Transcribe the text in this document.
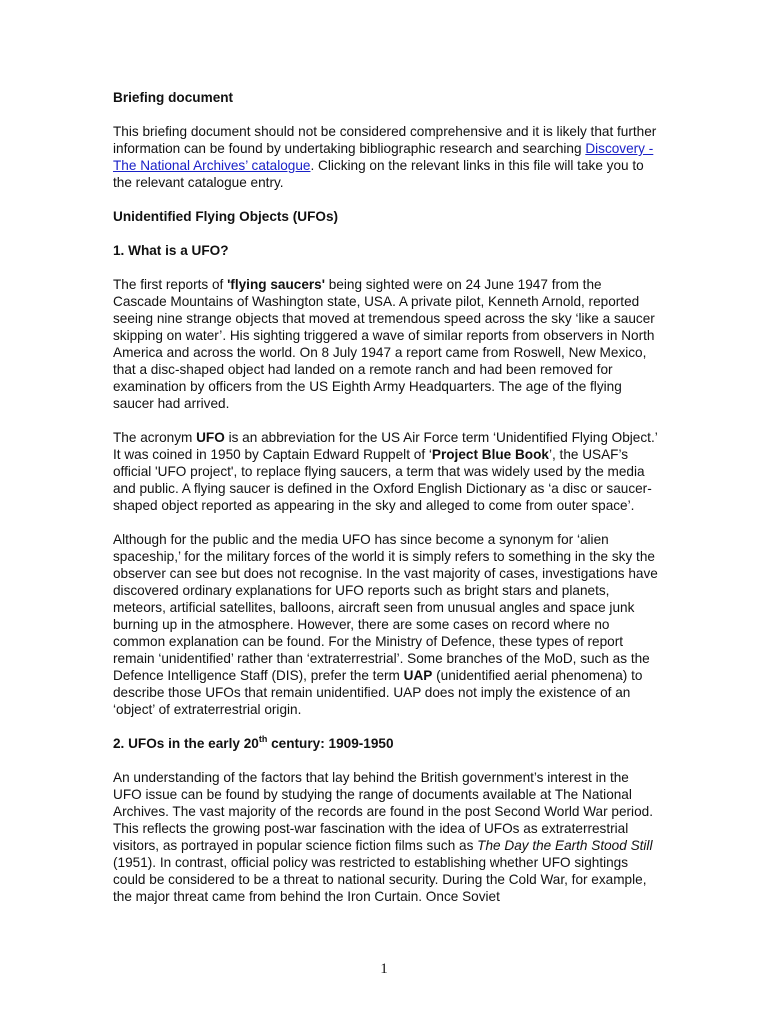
Briefing document

This briefing document should not be considered comprehensive and it is likely that further information can be found by undertaking bibliographic research and searching Discovery - The National Archives’ catalogue. Clicking on the relevant links in this file will take you to the relevant catalogue entry.

Unidentified Flying Objects (UFOs)
1. What is a UFO?

The first reports of 'flying saucers' being sighted were on 24 June 1947 from the Cascade Mountains of Washington state, USA. A private pilot, Kenneth Arnold, reported seeing nine strange objects that moved at tremendous speed across the sky ‘like a saucer skipping on water’. His sighting triggered a wave of similar reports from observers in North America and across the world. On 8 July 1947 a report came from Roswell, New Mexico, that a disc-shaped object had landed on a remote ranch and had been removed for examination by officers from the US Eighth Army Headquarters. The age of the flying saucer had arrived.

The acronym UFO is an abbreviation for the US Air Force term ‘Unidentified Flying Object.’ It was coined in 1950 by Captain Edward Ruppelt of ‘Project Blue Book’, the USAF’s official 'UFO project', to replace flying saucers, a term that was widely used by the media and public. A flying saucer is defined in the Oxford English Dictionary as ‘a disc or saucer-shaped object reported as appearing in the sky and alleged to come from outer space’.

Although for the public and the media UFO has since become a synonym for ‘alien spaceship,’ for the military forces of the world it is simply refers to something in the sky the observer can see but does not recognise. In the vast majority of cases, investigations have discovered ordinary explanations for UFO reports such as bright stars and planets, meteors, artificial satellites, balloons, aircraft seen from unusual angles and space junk burning up in the atmosphere. However, there are some cases on record where no common explanation can be found. For the Ministry of Defence, these types of report remain ‘unidentified’ rather than ‘extraterrestrial’. Some branches of the MoD, such as the Defence Intelligence Staff (DIS), prefer the term UAP (unidentified aerial phenomena) to describe those UFOs that remain unidentified. UAP does not imply the existence of an ‘object’ of extraterrestrial origin.

2. UFOs in the early 20th century: 1909-1950

An understanding of the factors that lay behind the British government’s interest in the UFO issue can be found by studying the range of documents available at The National Archives. The vast majority of the records are found in the post Second World War period. This reflects the growing post-war fascination with the idea of UFOs as extraterrestrial visitors, as portrayed in popular science fiction films such as The Day the Earth Stood Still (1951). In contrast, official policy was restricted to establishing whether UFO sightings could be considered to be a threat to national security. During the Cold War, for example, the major threat came from behind the Iron Curtain. Once Soviet

1
